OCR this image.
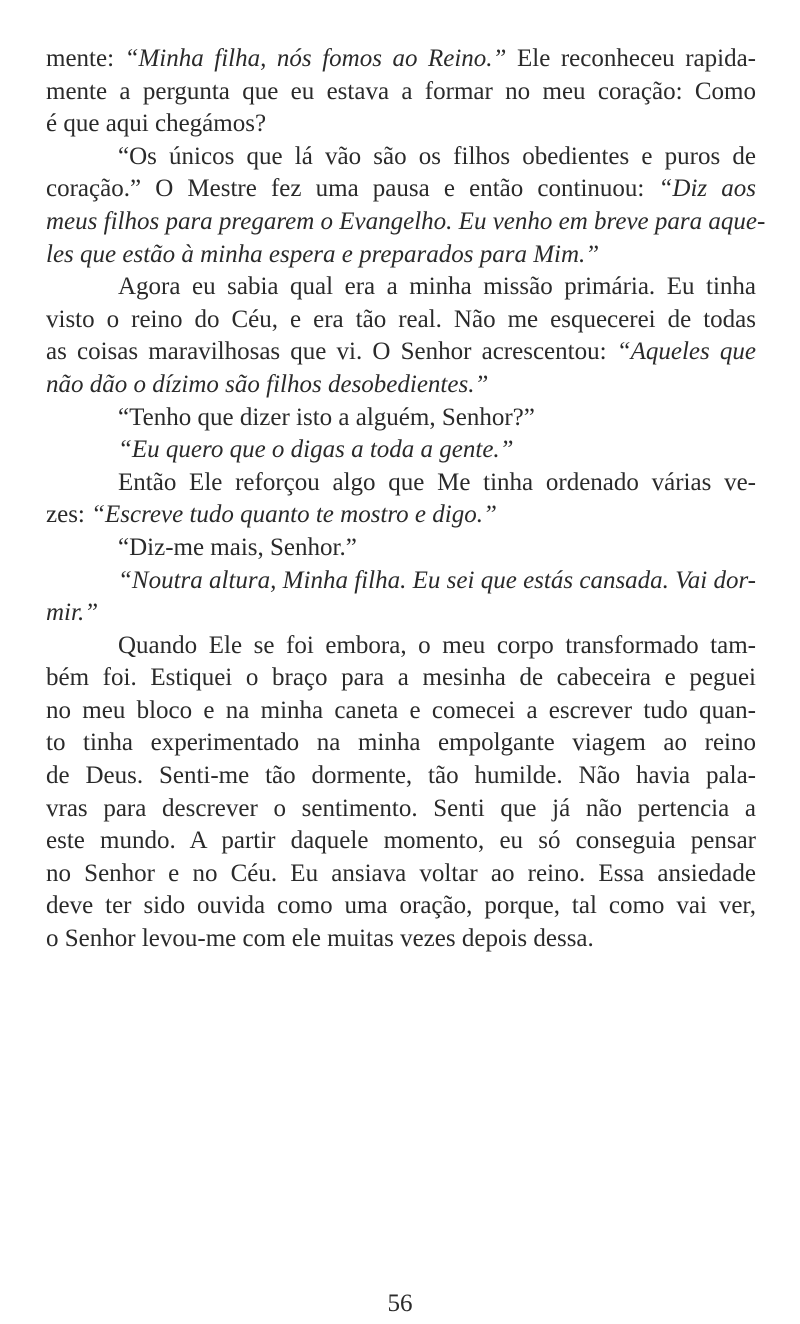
mente: “Minha filha, nós fomos ao Reino.” Ele reconheceu rapida-
mente a pergunta que eu estava a formar no meu coração: Como
é que aqui chegámos?
“Os únicos que lá vão são os filhos obedientes e puros de
coração.” O Mestre fez uma pausa e então continuou: “Diz aos
meus filhos para pregarem o Evangelho. Eu venho em breve para aque-
les que estão à minha espera e preparados para Mim.”
Agora eu sabia qual era a minha missão primária. Eu tinha
visto o reino do Céu, e era tão real. Não me esquecerei de todas
as coisas maravilhosas que vi. O Senhor acrescentou: “Aqueles que
não dão o dízimo são filhos desobedientes.”
“Tenho que dizer isto a alguém, Senhor?”
“Eu quero que o digas a toda a gente.”
Então Ele reforçou algo que Me tinha ordenado várias ve-
zes: “Escreve tudo quanto te mostro e digo.”
“Diz-me mais, Senhor.”
“Noutra altura, Minha filha. Eu sei que estás cansada. Vai dor-
mir.”
Quando Ele se foi embora, o meu corpo transformado tam-
bém foi. Estiquei o braço para a mesinha de cabeceira e peguei
no meu bloco e na minha caneta e comecei a escrever tudo quan-
to tinha experimentado na minha empolgante viagem ao reino
de Deus. Senti-me tão dormente, tão humilde. Não havia pala-
vras para descrever o sentimento. Senti que já não pertencia a
este mundo. A partir daquele momento, eu só conseguia pensar
no Senhor e no Céu. Eu ansiava voltar ao reino. Essa ansiedade
deve ter sido ouvida como uma oração, porque, tal como vai ver,
o Senhor levou-me com ele muitas vezes depois dessa.
56
